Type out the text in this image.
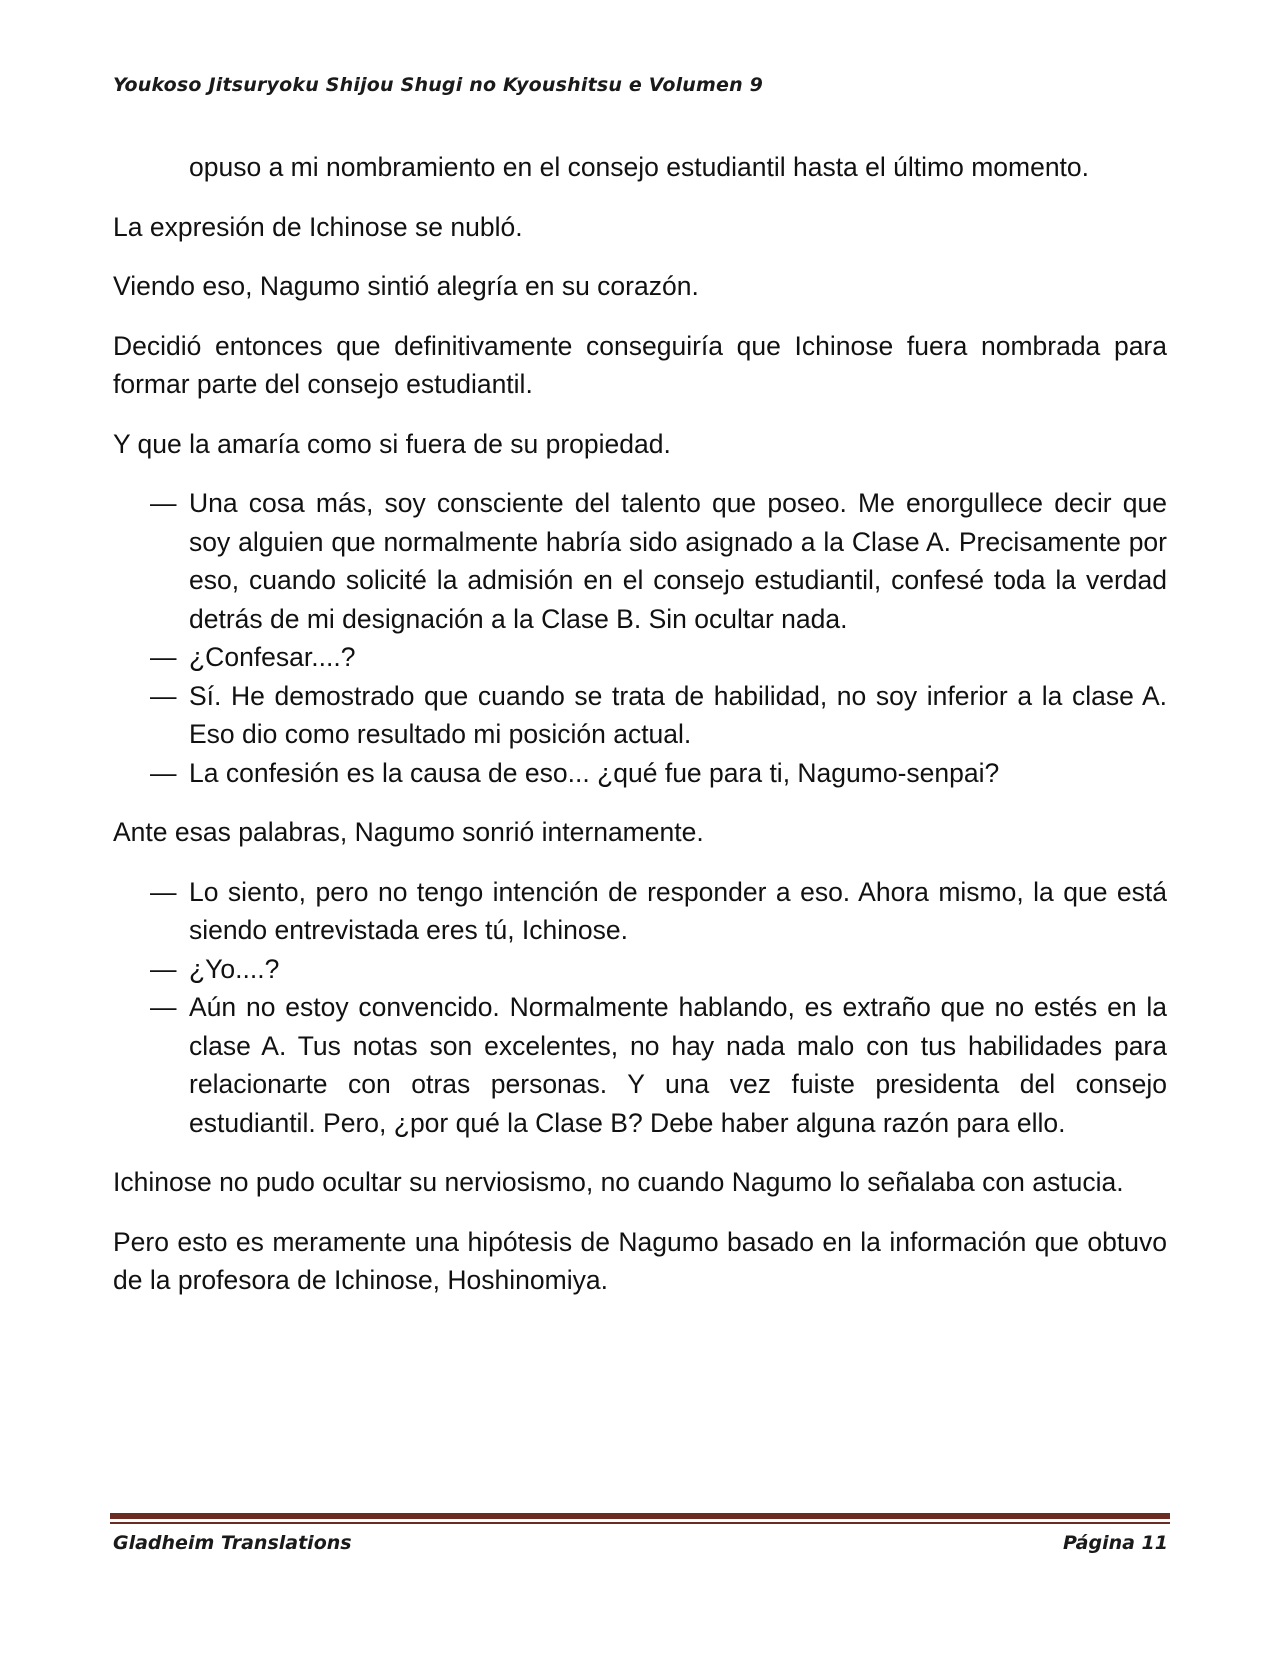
Youkoso Jitsuryoku Shijou Shugi no Kyoushitsu e Volumen 9
opuso a mi nombramiento en el consejo estudiantil hasta el último momento.

La expresión de Ichinose se nubló.

Viendo eso, Nagumo sintió alegría en su corazón.

Decidió entonces que definitivamente conseguiría que Ichinose fuera nombrada para formar parte del consejo estudiantil.

Y que la amaría como si fuera de su propiedad.

— Una cosa más, soy consciente del talento que poseo. Me enorgullece decir que soy alguien que normalmente habría sido asignado a la Clase A. Precisamente por eso, cuando solicité la admisión en el consejo estudiantil, confesé toda la verdad detrás de mi designación a la Clase B. Sin ocultar nada.
— ¿Confesar....?
— Sí. He demostrado que cuando se trata de habilidad, no soy inferior a la clase A. Eso dio como resultado mi posición actual.
— La confesión es la causa de eso... ¿qué fue para ti, Nagumo-senpai?

Ante esas palabras, Nagumo sonrió internamente.

— Lo siento, pero no tengo intención de responder a eso. Ahora mismo, la que está siendo entrevistada eres tú, Ichinose.
— ¿Yo....?
— Aún no estoy convencido. Normalmente hablando, es extraño que no estés en la clase A. Tus notas son excelentes, no hay nada malo con tus habilidades para relacionarte con otras personas. Y una vez fuiste presidenta del consejo estudiantil. Pero, ¿por qué la Clase B? Debe haber alguna razón para ello.

Ichinose no pudo ocultar su nerviosismo, no cuando Nagumo lo señalaba con astucia.

Pero esto es meramente una hipótesis de Nagumo basado en la información que obtuvo de la profesora de Ichinose, Hoshinomiya.

Gladheim Translations	Página 11
